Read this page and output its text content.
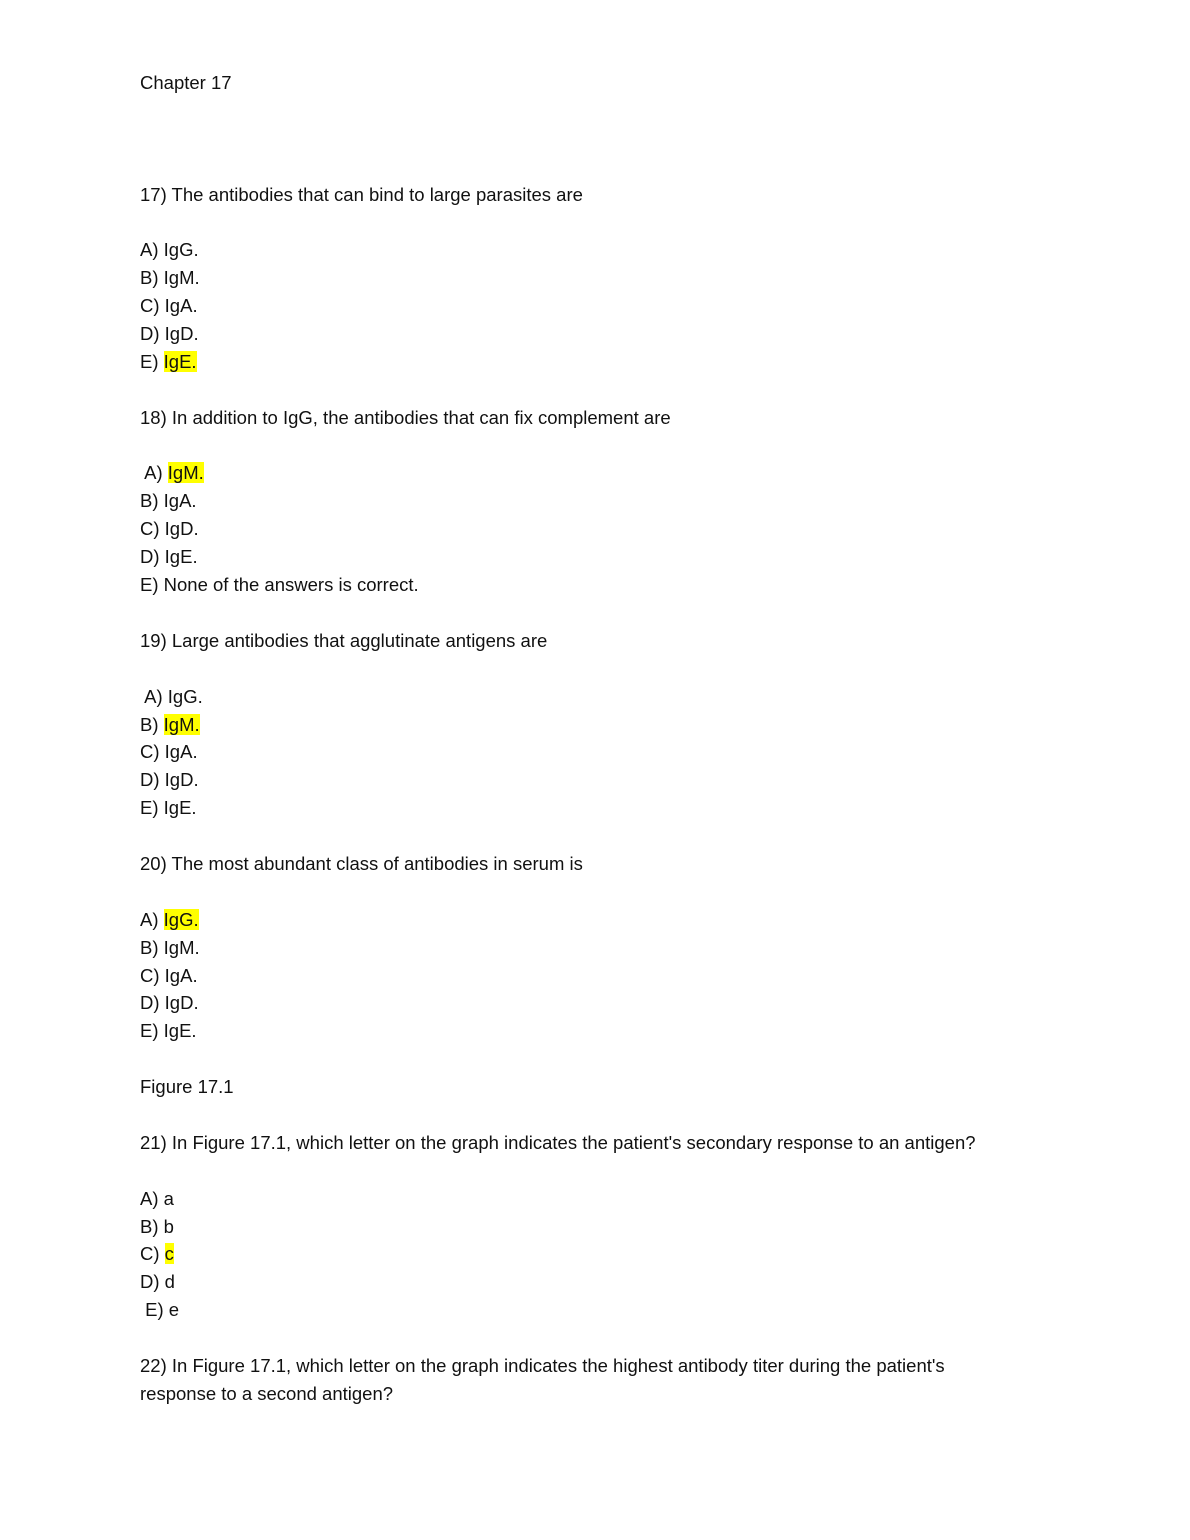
Chapter 17
17) The antibodies that can bind to large parasites are
A) IgG.
B) IgM.
C) IgA.
D) IgD.
E) IgE.
18) In addition to IgG, the antibodies that can fix complement are
A) IgM.
B) IgA.
C) IgD.
D) IgE.
E) None of the answers is correct.
19) Large antibodies that agglutinate antigens are
A) IgG.
B) IgM.
C) IgA.
D) IgD.
E) IgE.
20) The most abundant class of antibodies in serum is
A) IgG.
B) IgM.
C) IgA.
D) IgD.
E) IgE.
Figure 17.1
21) In Figure 17.1, which letter on the graph indicates the patient's secondary response to an antigen?
A) a
B) b
C) c
D) d
E) e
22) In Figure 17.1, which letter on the graph indicates the highest antibody titer during the patient's
response to a second antigen?
